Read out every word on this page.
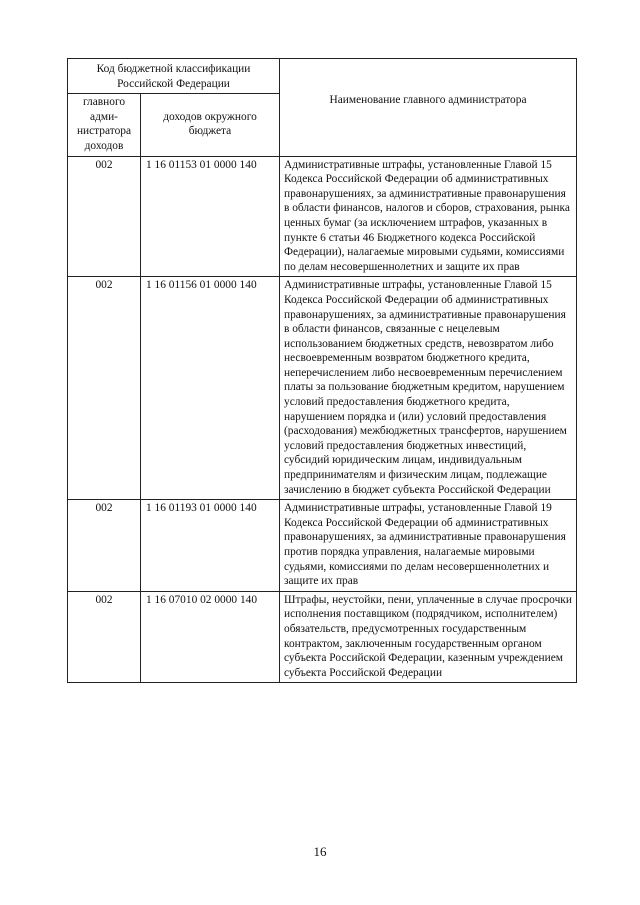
Код бюджетной классификации Российской Федерации		Наименование главного администратора
главного адми- нистратора доходов	доходов окружного бюджета	
002	1 16 01153 01 0000 140	Административные штрафы, установленные Главой 15 Кодекса Российской Федерации об административных правонарушениях, за административные правонарушения в области финансов, налогов и сборов, страхования, рынка ценных бумаг (за исключением штрафов, указанных в пункте 6 статьи 46 Бюджетного кодекса Российской Федерации), налагаемые мировыми судьями, комиссиями по делам несовершеннолетних и защите их прав
002	1 16 01156 01 0000 140	Административные штрафы, установленные Главой 15 Кодекса Российской Федерации об административных правонарушениях, за административные правонарушения в области финансов, связанные с нецелевым использованием бюджетных средств, невозвратом либо несвоевременным возвратом бюджетного кредита, неперечислением либо несвоевременным перечислением платы за пользование бюджетным кредитом, нарушением условий предоставления бюджетного кредита, нарушением порядка и (или) условий предоставления (расходования) межбюджетных трансфертов, нарушением условий предоставления бюджетных инвестиций, субсидий юридическим лицам, индивидуальным предпринимателям и физическим лицам, подлежащие зачислению в бюджет субъекта Российской Федерации
002	1 16 01193 01 0000 140	Административные штрафы, установленные Главой 19 Кодекса Российской Федерации об административных правонарушениях, за административные правонарушения против порядка управления, налагаемые мировыми судьями, комиссиями по делам несовершеннолетних и защите их прав
002	1 16 07010 02 0000 140	Штрафы, неустойки, пени, уплаченные в случае просрочки исполнения поставщиком (подрядчиком, исполнителем) обязательств, предусмотренных государственным контрактом, заключенным государственным органом субъекта Российской Федерации, казенным учреждением субъекта Российской Федерации
16
